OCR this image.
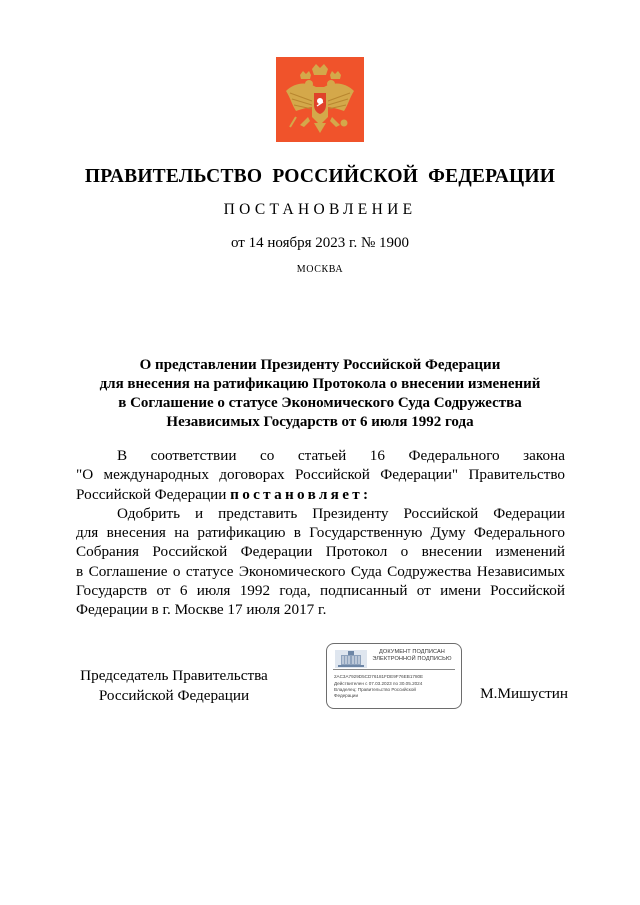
ПРАВИТЕЛЬСТВО РОССИЙСКОЙ ФЕДЕРАЦИИ
ПОСТАНОВЛЕНИЕ
от 14 ноября 2023 г. № 1900
МОСКВА
О представлении Президенту Российской Федерации
для внесения на ратификацию Протокола о внесении изменений
в Соглашение о статусе Экономического Суда Содружества
Независимых Государств от 6 июля 1992 года
В соответствии со статьей 16 Федерального закона
"О международных договорах Российской Федерации" Правительство
Российской Федерации постановляет:
Одобрить и представить Президенту Российской Федерации
для внесения на ратификацию в Государственную Думу Федерального
Собрания Российской Федерации Протокол о внесении изменений
в Соглашение о статусе Экономического Суда Содружества Независимых
Государств от 6 июля 1992 года, подписанный от имени Российской
Федерации в г. Москве 17 июля 2017 г.
Председатель Правительства
Российской Федерации
ДОКУМЕНТ ПОДПИСАН
ЭЛЕКТРОННОЙ ПОДПИСЬЮ
2AC3A7929D5CD76181FDE9F76EB1780E
Действителен с 07.03.2023 по 30.05.2024
Владелец: Правительство Российской
Федерации	М.Мишустин
